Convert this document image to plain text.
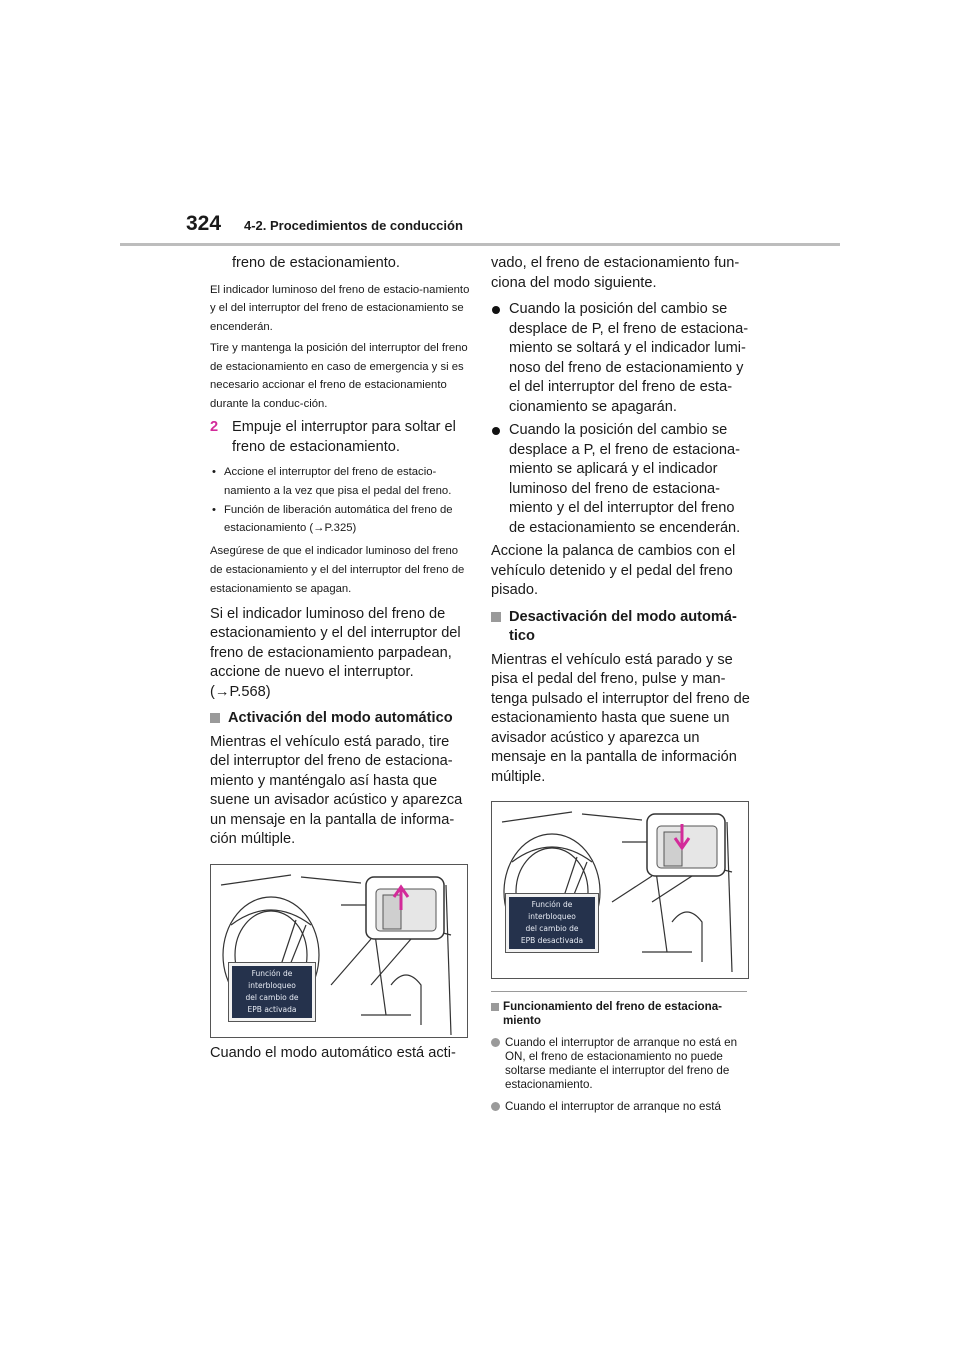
324 4-2. Procedimientos de conducción

freno de estacionamiento.

El indicador luminoso del freno de estacio-namiento y el del interruptor del freno de estacionamiento se encenderán.

Tire y mantenga la posición del interruptor del freno de estacionamiento en caso de emergencia y si es necesario accionar el freno de estacionamiento durante la conduc-ción.

2 Empuje el interruptor para soltar el freno de estacionamiento.
• Accione el interruptor del freno de estacio-namiento a la vez que pisa el pedal del freno.
• Función de liberación automática del freno de estacionamiento (→P.325)

Asegúrese de que el indicador luminoso del freno de estacionamiento y el del interruptor del freno de estacionamiento se apagan.

Si el indicador luminoso del freno de estacionamiento y el del interruptor del freno de estacionamiento parpadean, accione de nuevo el interruptor. (→P.568)

Activación del modo automático

Mientras el vehículo está parado, tire del interruptor del freno de estaciona-miento y manténgalo así hasta que suene un avisador acústico y aparezca un mensaje en la pantalla de informa-ción múltiple.

Función de
interbloqueo
del cambio de
EPB activada

Cuando el modo automático está acti-

vado, el freno de estacionamiento fun-ciona del modo siguiente.

Cuando la posición del cambio se desplace de P, el freno de estaciona-miento se soltará y el indicador lumi-noso del freno de estacionamiento y el del interruptor del freno de esta-cionamiento se apagarán.
Cuando la posición del cambio se desplace a P, el freno de estaciona-miento se aplicará y el indicador luminoso del freno de estaciona-miento y el del interruptor del freno de estacionamiento se encenderán.

Accione la palanca de cambios con el vehículo detenido y el pedal del freno pisado.

Desactivación del modo automá-tico

Mientras el vehículo está parado y se pisa el pedal del freno, pulse y man-tenga pulsado el interruptor del freno de estacionamiento hasta que suene un avisador acústico y aparezca un mensaje en la pantalla de información múltiple.

Función de
interbloqueo
del cambio de
EPB desactivada
Funcionamiento del freno de estaciona-miento
Cuando el interruptor de arranque no está en ON, el freno de estacionamiento no puede soltarse mediante el interruptor del freno de estacionamiento.
Cuando el interruptor de arranque no está
